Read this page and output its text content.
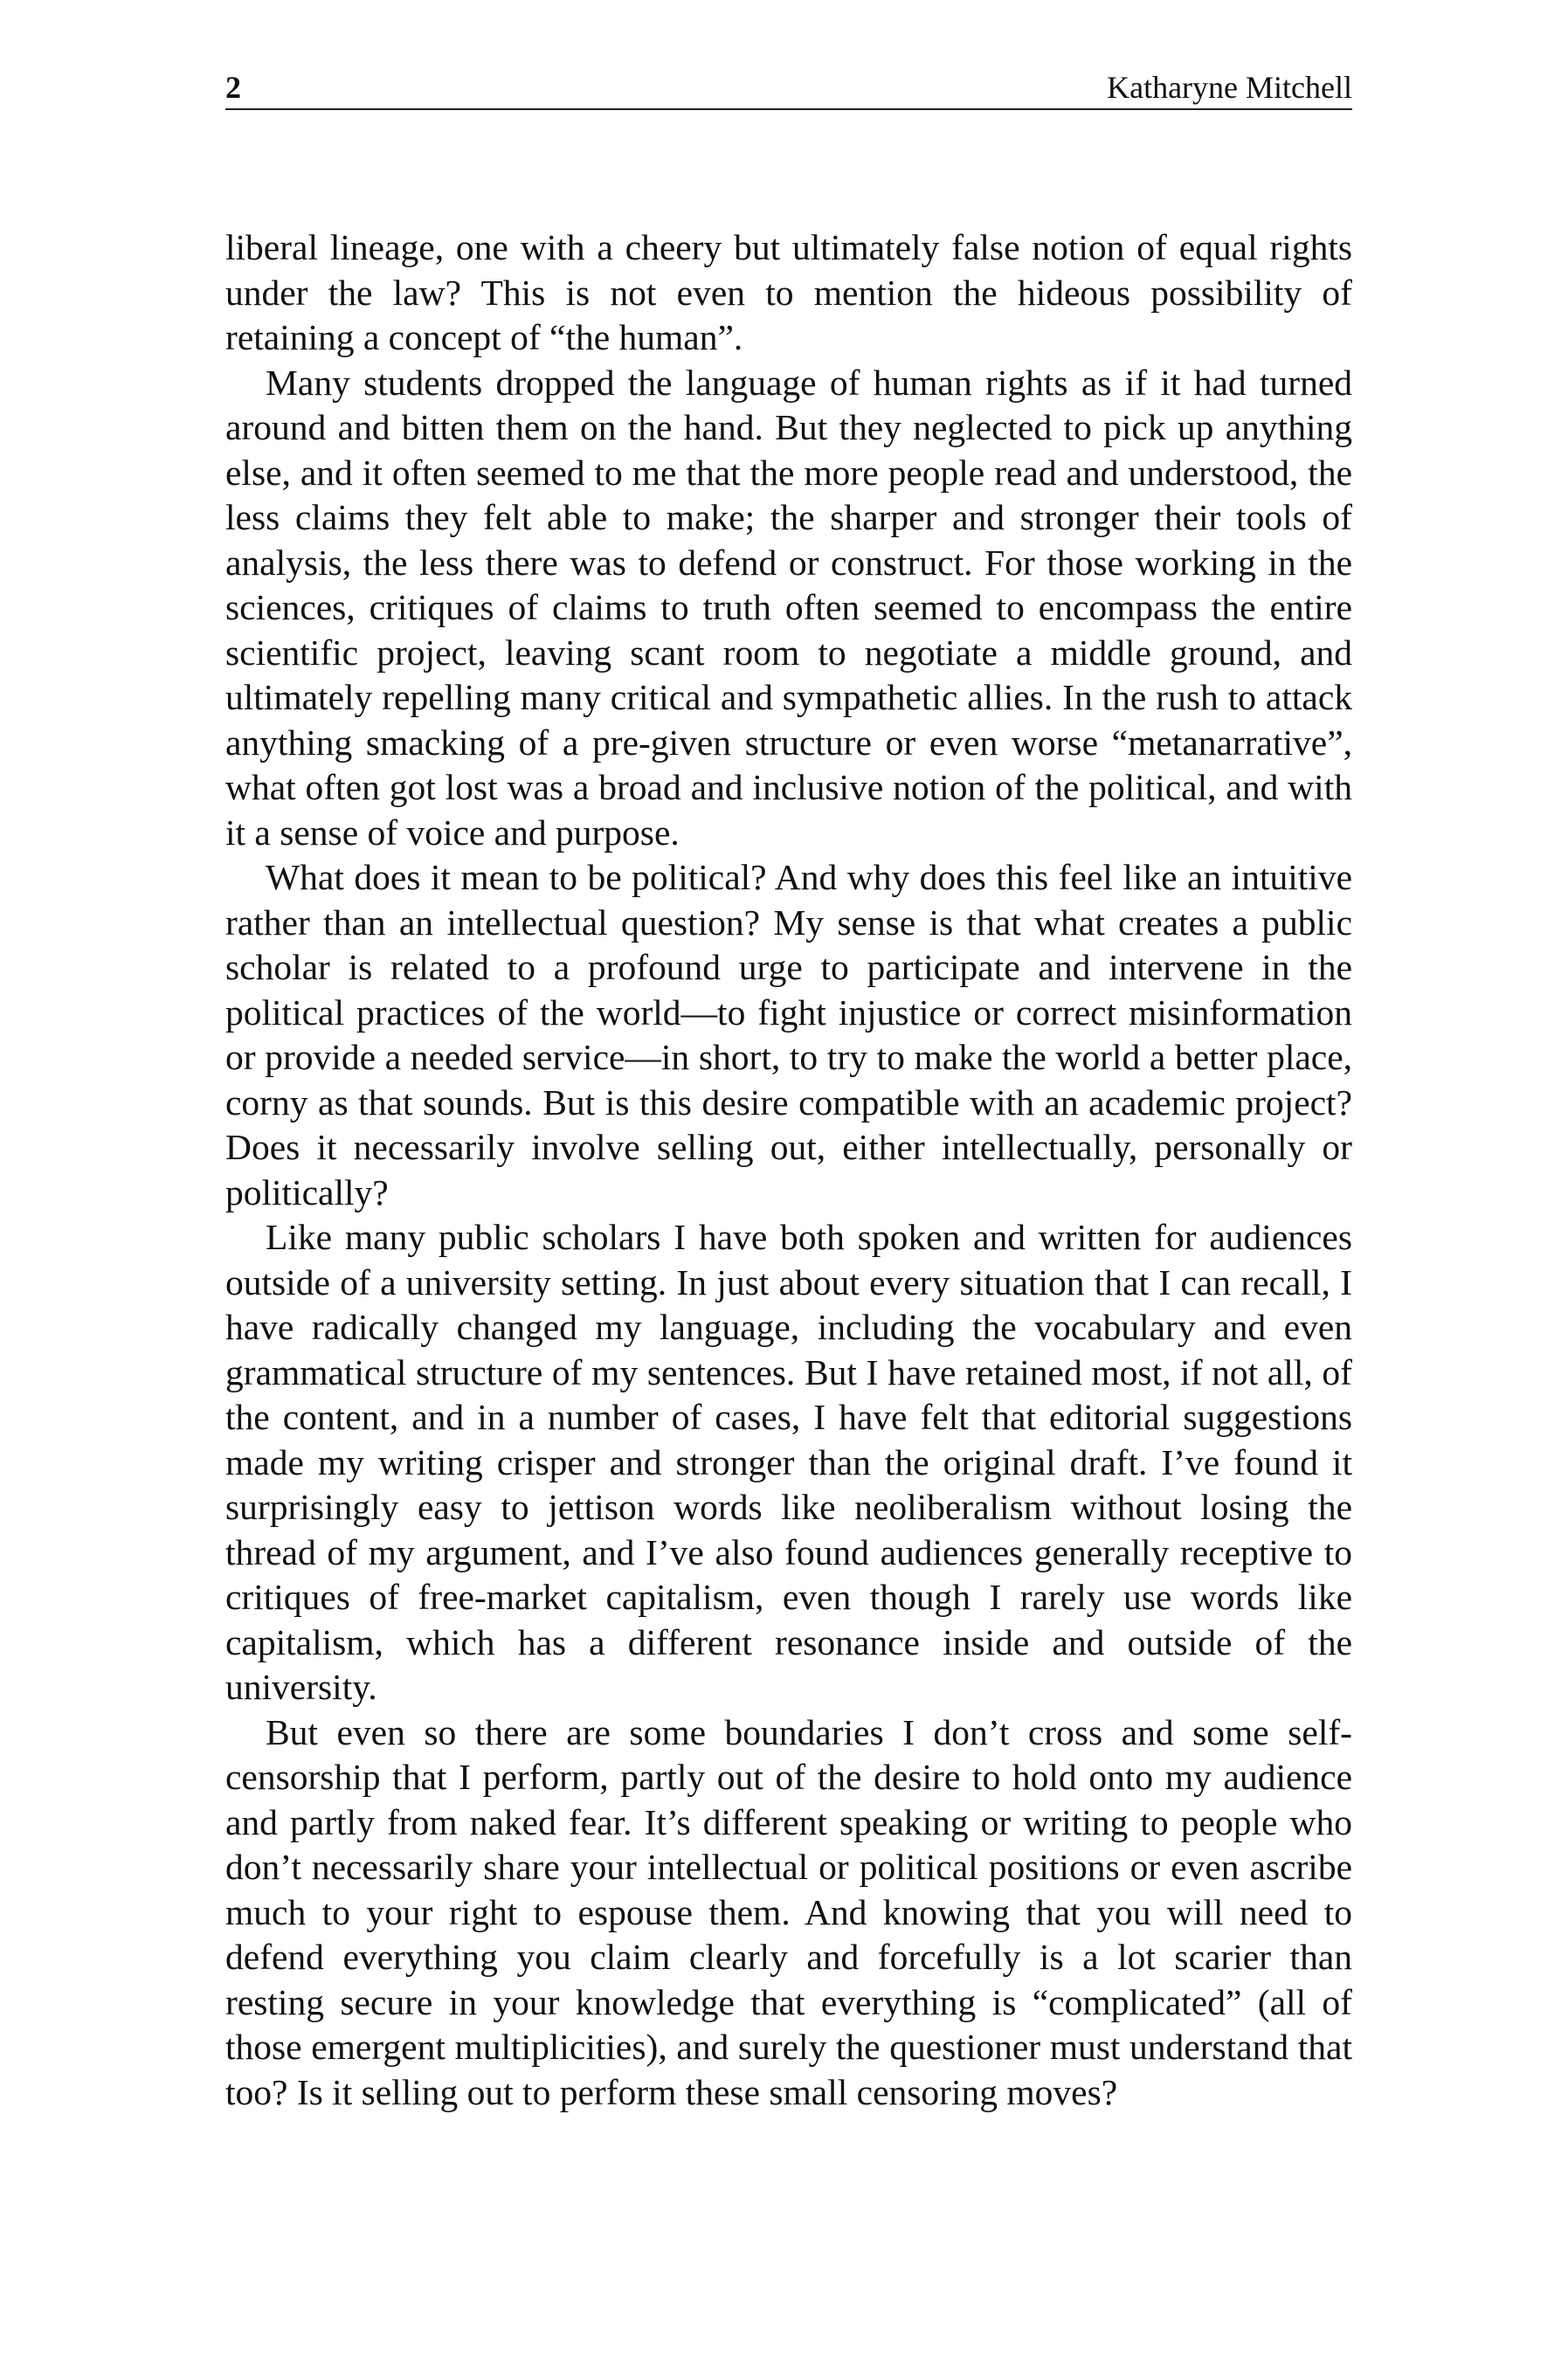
2	Katharyne Mitchell

liberal lineage, one with a cheery but ultimately false notion of equal rights under the law? This is not even to mention the hideous possibility of retaining a concept of “the human”.

Many students dropped the language of human rights as if it had turned around and bitten them on the hand. But they neglected to pick up anything else, and it often seemed to me that the more people read and understood, the less claims they felt able to make; the sharper and stronger their tools of analysis, the less there was to defend or construct. For those working in the sciences, critiques of claims to truth often seemed to encompass the entire scientific project, leaving scant room to negotiate a middle ground, and ultimately repelling many critical and sympathetic allies. In the rush to attack anything smacking of a pre-given structure or even worse “metanarrative”, what often got lost was a broad and inclusive notion of the political, and with it a sense of voice and purpose.

What does it mean to be political? And why does this feel like an intuitive rather than an intellectual question? My sense is that what creates a public scholar is related to a profound urge to participate and intervene in the political practices of the world—to fight injustice or correct misinformation or provide a needed service—in short, to try to make the world a better place, corny as that sounds. But is this desire compatible with an academic project? Does it necessarily involve selling out, either intellectually, personally or politically?

Like many public scholars I have both spoken and written for audiences outside of a university setting. In just about every situation that I can recall, I have radically changed my language, including the vocabulary and even grammatical structure of my sentences. But I have retained most, if not all, of the content, and in a number of cases, I have felt that editorial suggestions made my writing crisper and stronger than the original draft. I’ve found it surprisingly easy to jettison words like neoliberalism without losing the thread of my argument, and I’ve also found audiences generally receptive to critiques of free-market capitalism, even though I rarely use words like capitalism, which has a different resonance inside and outside of the university.

But even so there are some boundaries I don’t cross and some self-censorship that I perform, partly out of the desire to hold onto my audience and partly from naked fear. It’s different speaking or writing to people who don’t necessarily share your intellectual or political positions or even ascribe much to your right to espouse them. And knowing that you will need to defend everything you claim clearly and forcefully is a lot scarier than resting secure in your knowledge that everything is “complicated” (all of those emergent multiplicities), and surely the questioner must understand that too? Is it selling out to perform these small censoring moves?
